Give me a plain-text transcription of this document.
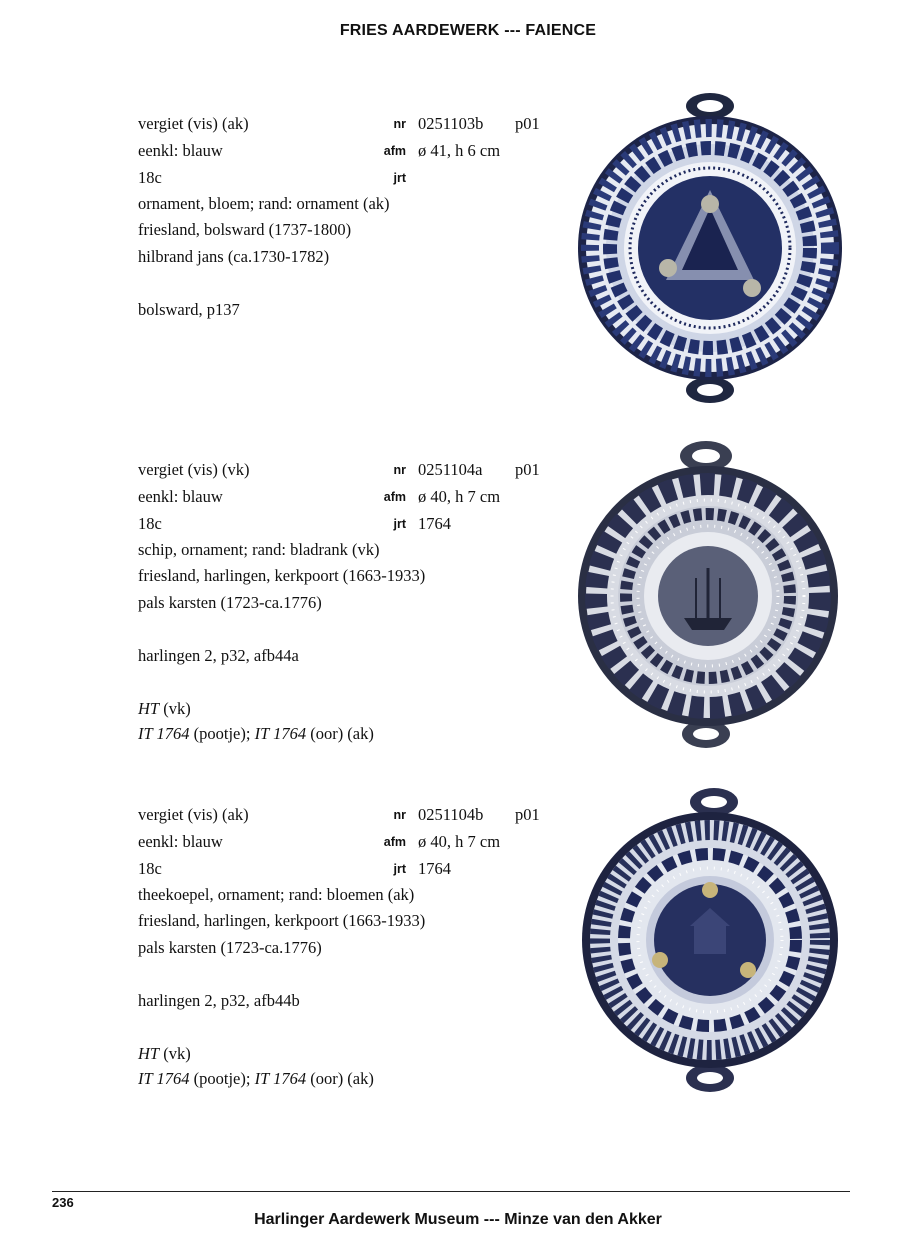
FRIES AARDEWERK --- FAIENCE
vergiet (vis) (ak)	nr 0251103b p01
eenkl: blauw	afm ø 41, h 6 cm
18c	jrt
ornament, bloem; rand: ornament (ak)
friesland, bolsward (1737-1800)
hilbrand jans (ca.1730-1782)
bolsward, p137
vergiet (vis) (vk)	nr 0251104a p01
eenkl: blauw	afm ø 40, h 7 cm
18c	jrt 1764
schip, ornament; rand: bladrank (vk)
friesland, harlingen, kerkpoort (1663-1933)
pals karsten (1723-ca.1776)
harlingen 2, p32, afb44a
HT (vk)
IT 1764 (pootje); IT 1764 (oor) (ak)
vergiet (vis) (ak)	nr 0251104b p01
eenkl: blauw	afm ø 40, h 7 cm
18c	jrt 1764
theekoepel, ornament; rand: bloemen (ak)
friesland, harlingen, kerkpoort (1663-1933)
pals karsten (1723-ca.1776)
harlingen 2, p32, afb44b
HT (vk)
IT 1764 (pootje); IT 1764 (oor) (ak)
236
Harlinger Aardewerk Museum --- Minze van den Akker
